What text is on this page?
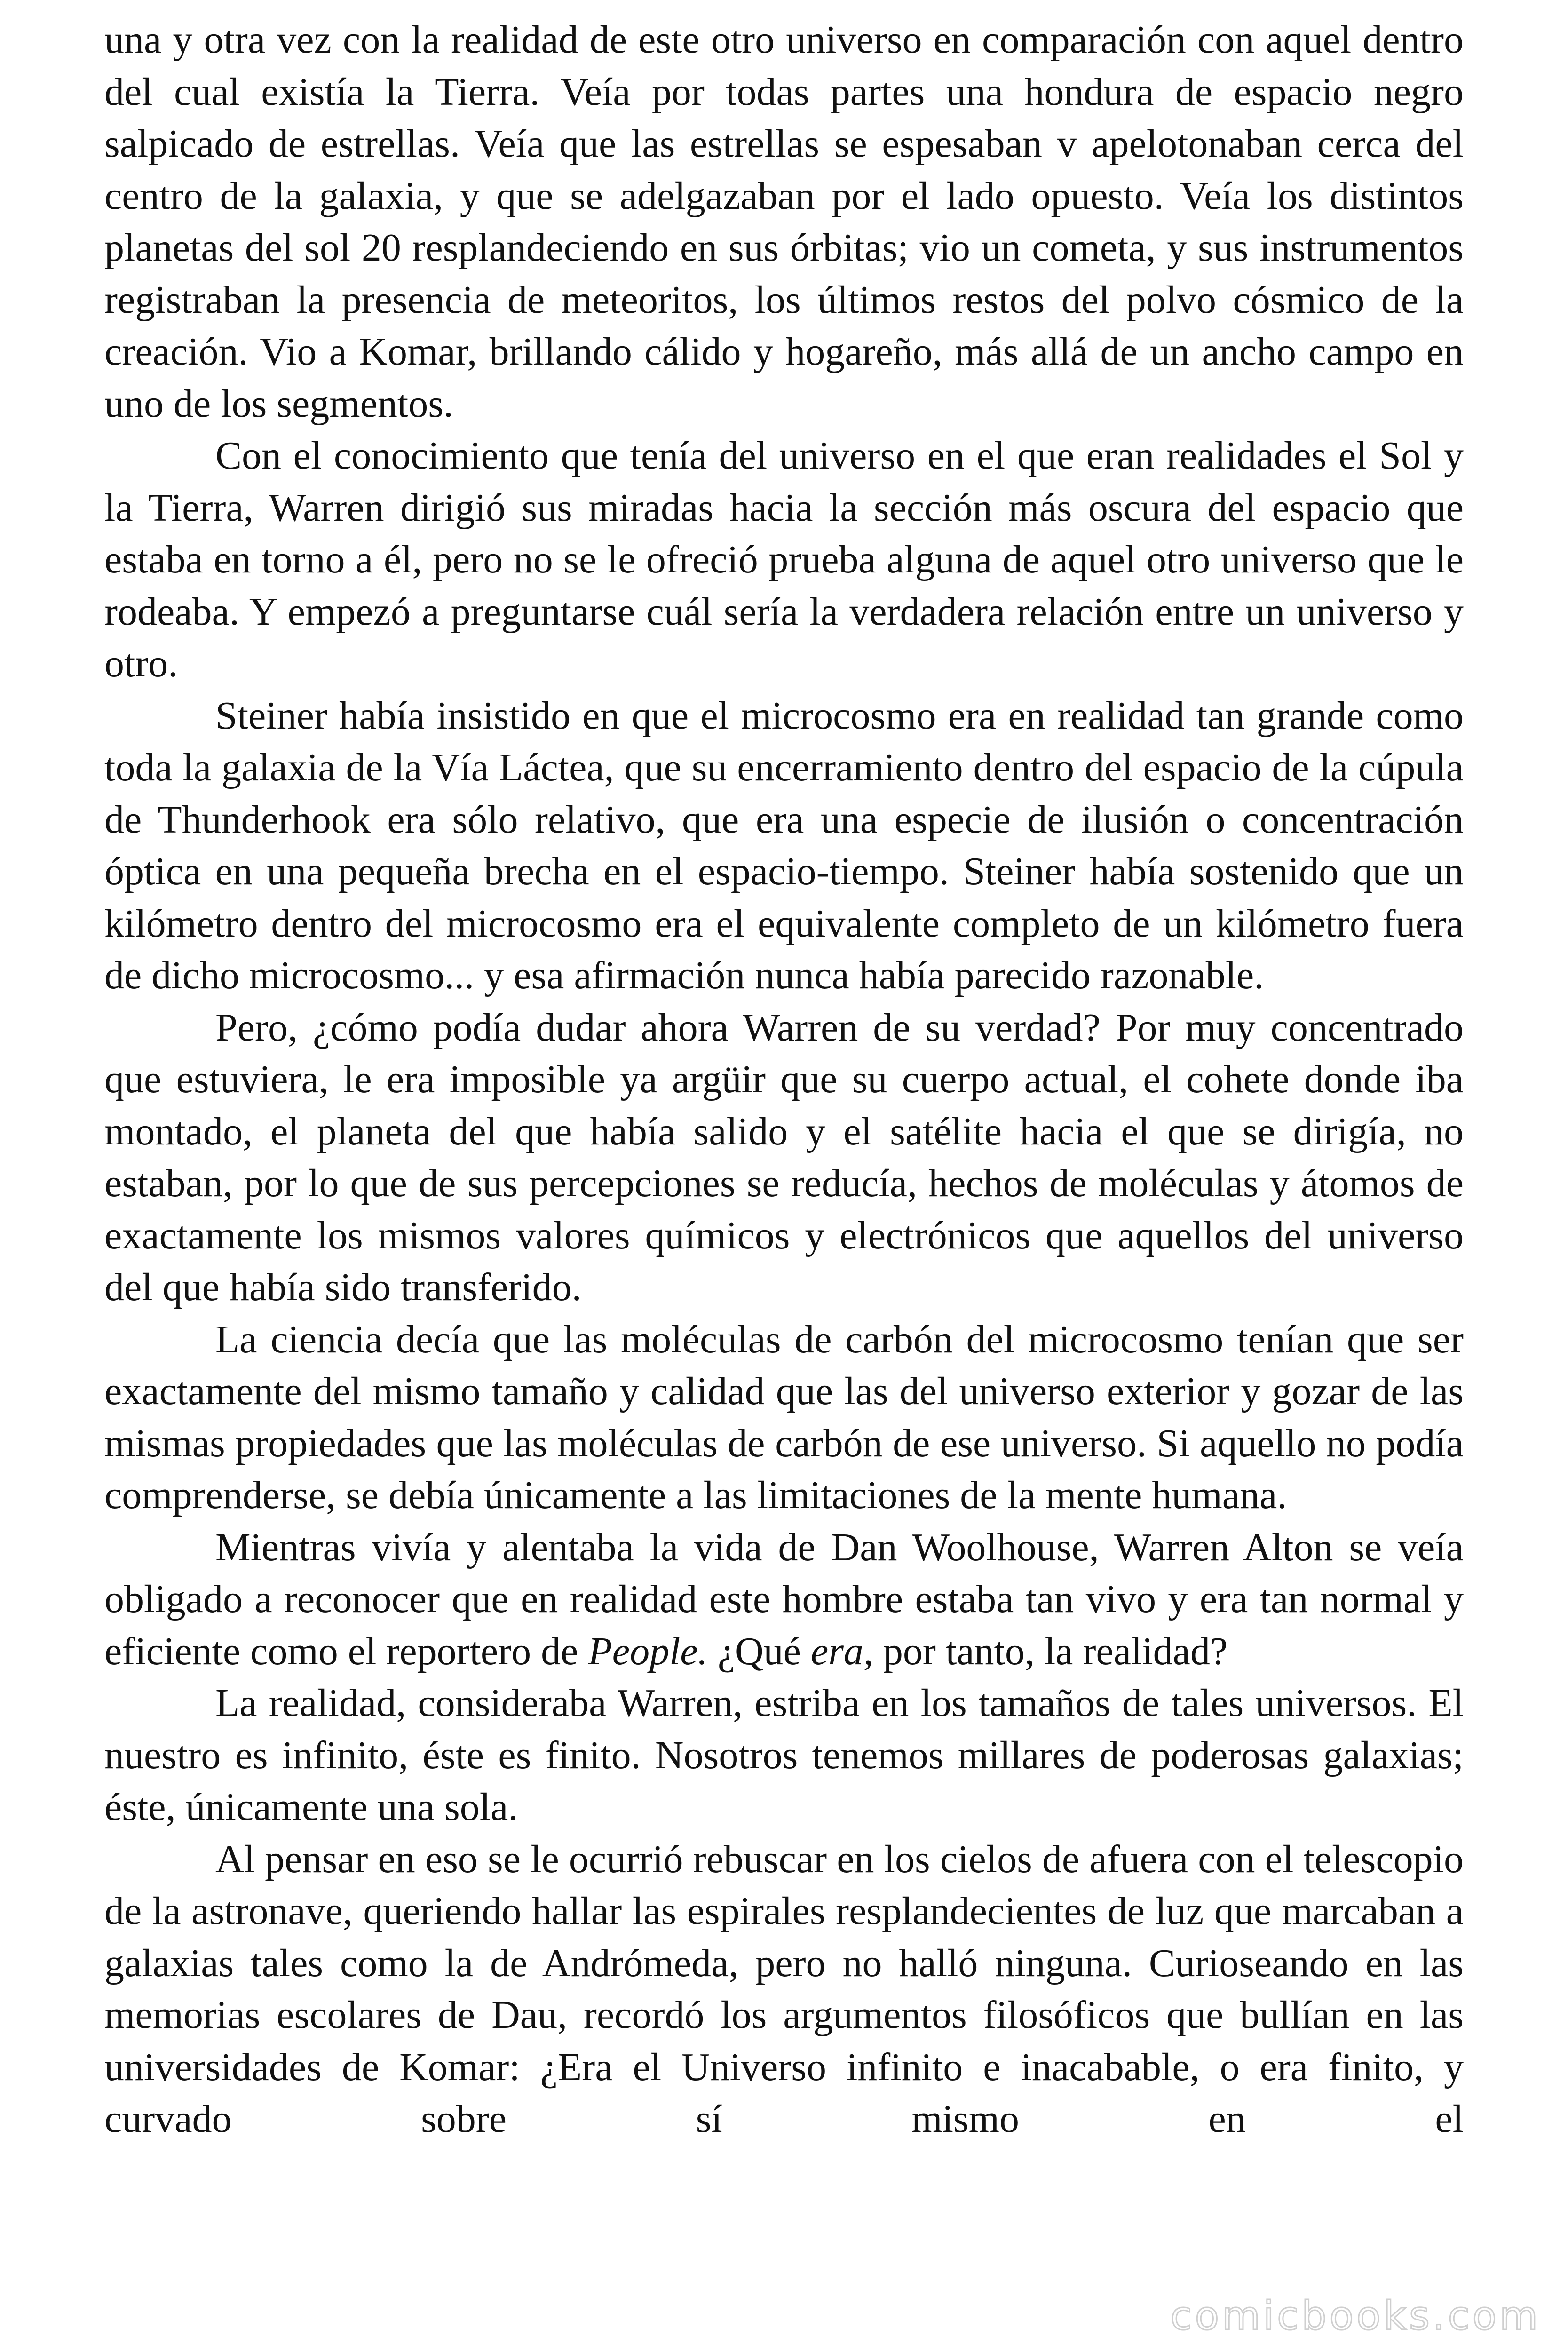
una y otra vez con la realidad de este otro universo en comparación con aquel dentro del cual existía la Tierra. Veía por todas partes una hondura de espacio negro salpicado de estrellas. Veía que las estrellas se espesaban v apelotonaban cerca del centro de la galaxia, y que se adelgazaban por el lado opuesto. Veía los distintos planetas del sol 20 resplandeciendo en sus órbitas; vio un cometa, y sus instrumentos registraban la presencia de meteoritos, los últimos restos del polvo cósmico de la creación. Vio a Komar, brillando cálido y hogareño, más allá de un ancho campo en uno de los segmentos.

Con el conocimiento que tenía del universo en el que eran realidades el Sol y la Tierra, Warren dirigió sus miradas hacia la sección más oscura del espacio que estaba en torno a él, pero no se le ofreció prueba alguna de aquel otro universo que le rodeaba. Y empezó a preguntarse cuál sería la verdadera relación entre un universo y otro.

Steiner había insistido en que el microcosmo era en realidad tan grande como toda la galaxia de la Vía Láctea, que su encerramiento dentro del espacio de la cúpula de Thunderhook era sólo relativo, que era una especie de ilusión o concentración óptica en una pequeña brecha en el espacio-tiempo. Steiner había sostenido que un kilómetro dentro del microcosmo era el equivalente completo de un kilómetro fuera de dicho microcosmo... y esa afirmación nunca había parecido razonable.

Pero, ¿cómo podía dudar ahora Warren de su verdad? Por muy concentrado que estuviera, le era imposible ya argüir que su cuerpo actual, el cohete donde iba montado, el planeta del que había salido y el satélite hacia el que se dirigía, no estaban, por lo que de sus percepciones se reducía, hechos de moléculas y átomos de exactamente los mismos valores químicos y electrónicos que aquellos del universo del que había sido transferido.

La ciencia decía que las moléculas de carbón del microcosmo tenían que ser exactamente del mismo tamaño y calidad que las del universo exterior y gozar de las mismas propiedades que las moléculas de carbón de ese universo. Si aquello no podía comprenderse, se debía únicamente a las limitaciones de la mente humana.

Mientras vivía y alentaba la vida de Dan Woolhouse, Warren Alton se veía obligado a reconocer que en realidad este hombre estaba tan vivo y era tan normal y eficiente como el reportero de People. ¿Qué era, por tanto, la realidad?

La realidad, consideraba Warren, estriba en los tamaños de tales universos. El nuestro es infinito, éste es finito. Nosotros tenemos millares de poderosas galaxias; éste, únicamente una sola.

Al pensar en eso se le ocurrió rebuscar en los cielos de afuera con el telescopio de la astronave, queriendo hallar las espirales resplandecientes de luz que marcaban a galaxias tales como la de Andrómeda, pero no halló ninguna. Curioseando en las memorias escolares de Dau, recordó los argumentos filosóficos que bullían en las universidades de Komar: ¿Era el Universo infinito e inacabable, o era finito, y curvado sobre sí mismo en el

comicbooks.com
